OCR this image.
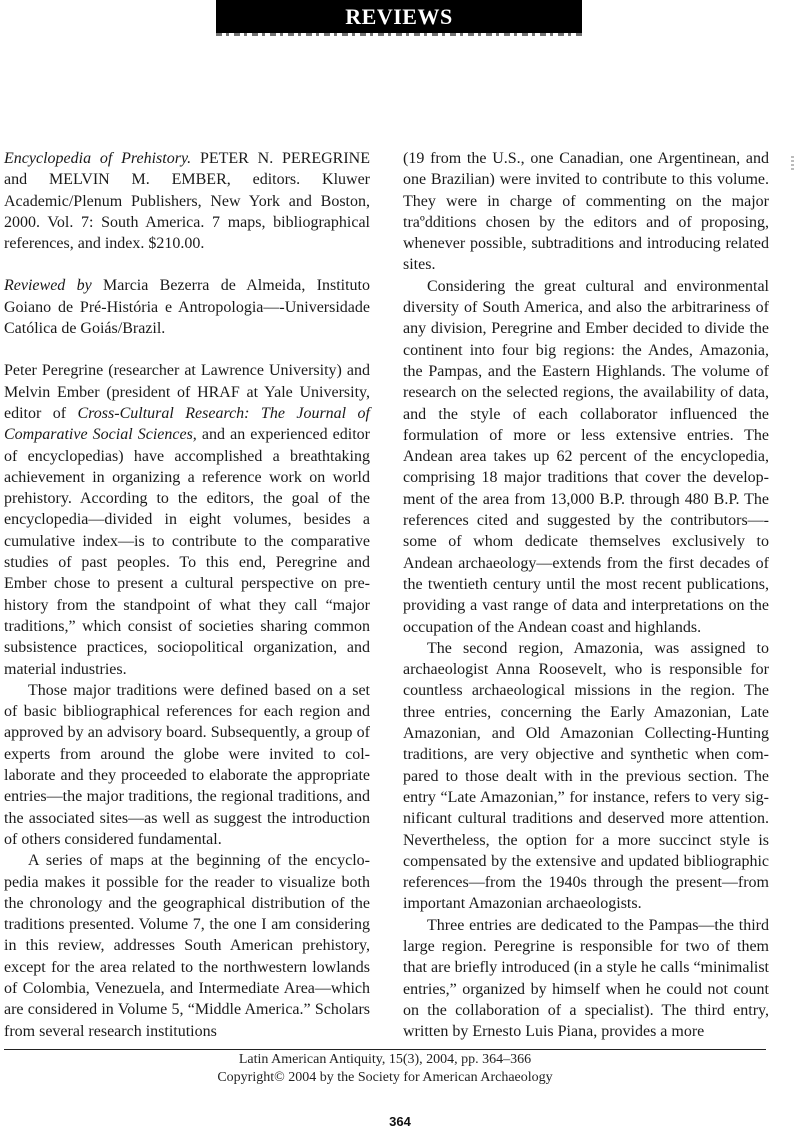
REVIEWS

Encyclopedia of Prehistory. PETER N. PEREGRINE and MELVIN M. EMBER, editors. Kluwer Academic/Plenum Publishers, New York and Boston, 2000. Vol. 7: South America. 7 maps, bibliographical references, and index. $210.00.

Reviewed by Marcia Bezerra de Almeida, Instituto Goiano de Pré-História e Antropologia—-Universidade Católica de Goiás/Brazil.

Peter Peregrine (researcher at Lawrence University) and Melvin Ember (president of HRAF at Yale University, editor of Cross-Cultural Research: The Journal of Comparative Social Sciences, and an experienced editor of encyclopedias) have accomplished a breathtaking achievement in organizing a reference work on world prehistory. According to the editors, the goal of the encyclopedia—divided in eight volumes, besides a cumulative index—is to contribute to the comparative studies of past peoples. To this end, Peregrine and Ember chose to present a cultural perspective on prehistory from the standpoint of what they call “major traditions,” which consist of societies sharing common subsistence practices, sociopolitical organization, and material industries.

Those major traditions were defined based on a set of basic bibliographical references for each region and approved by an advisory board. Subsequently, a group of experts from around the globe were invited to collaborate and they proceeded to elaborate the appropriate entries—the major traditions, the regional traditions, and the associated sites—as well as suggest the introduction of others considered fundamental.

A series of maps at the beginning of the encyclopedia makes it possible for the reader to visualize both the chronology and the geographical distribution of the traditions presented. Volume 7, the one I am considering in this review, addresses South American prehistory, except for the area related to the northwestern lowlands of Colombia, Venezuela, and Intermediate Area—which are considered in Volume 5, “Middle America.” Scholars from several research institutions

(19 from the U.S., one Canadian, one Argentinean, and one Brazilian) were invited to contribute to this volume. They were in charge of commenting on the major traºdditions chosen by the editors and of proposing, whenever possible, subtraditions and introducing related sites.

Considering the great cultural and environmental diversity of South America, and also the arbitrariness of any division, Peregrine and Ember decided to divide the continent into four big regions: the Andes, Amazonia, the Pampas, and the Eastern Highlands. The volume of research on the selected regions, the availability of data, and the style of each collaborator influenced the formulation of more or less extensive entries. The Andean area takes up 62 percent of the encyclopedia, comprising 18 major traditions that cover the development of the area from 13,000 B.P. through 480 B.P. The references cited and suggested by the contributors—-some of whom dedicate themselves exclusively to Andean archaeology—extends from the first decades of the twentieth century until the most recent publications, providing a vast range of data and interpretations on the occupation of the Andean coast and highlands.

The second region, Amazonia, was assigned to archaeologist Anna Roosevelt, who is responsible for countless archaeological missions in the region. The three entries, concerning the Early Amazonian, Late Amazonian, and Old Amazonian Collecting-Hunting traditions, are very objective and synthetic when compared to those dealt with in the previous section. The entry “Late Amazonian,” for instance, refers to very significant cultural traditions and deserved more attention. Nevertheless, the option for a more succinct style is compensated by the extensive and updated bibliographic references—from the 1940s through the present—from important Amazonian archaeologists.

Three entries are dedicated to the Pampas—the third large region. Peregrine is responsible for two of them that are briefly introduced (in a style he calls “minimalist entries,” organized by himself when he could not count on the collaboration of a specialist). The third entry, written by Ernesto Luis Piana, provides a more

Latin American Antiquity, 15(3), 2004, pp. 364–366
Copyright© 2004 by the Society for American Archaeology
364
